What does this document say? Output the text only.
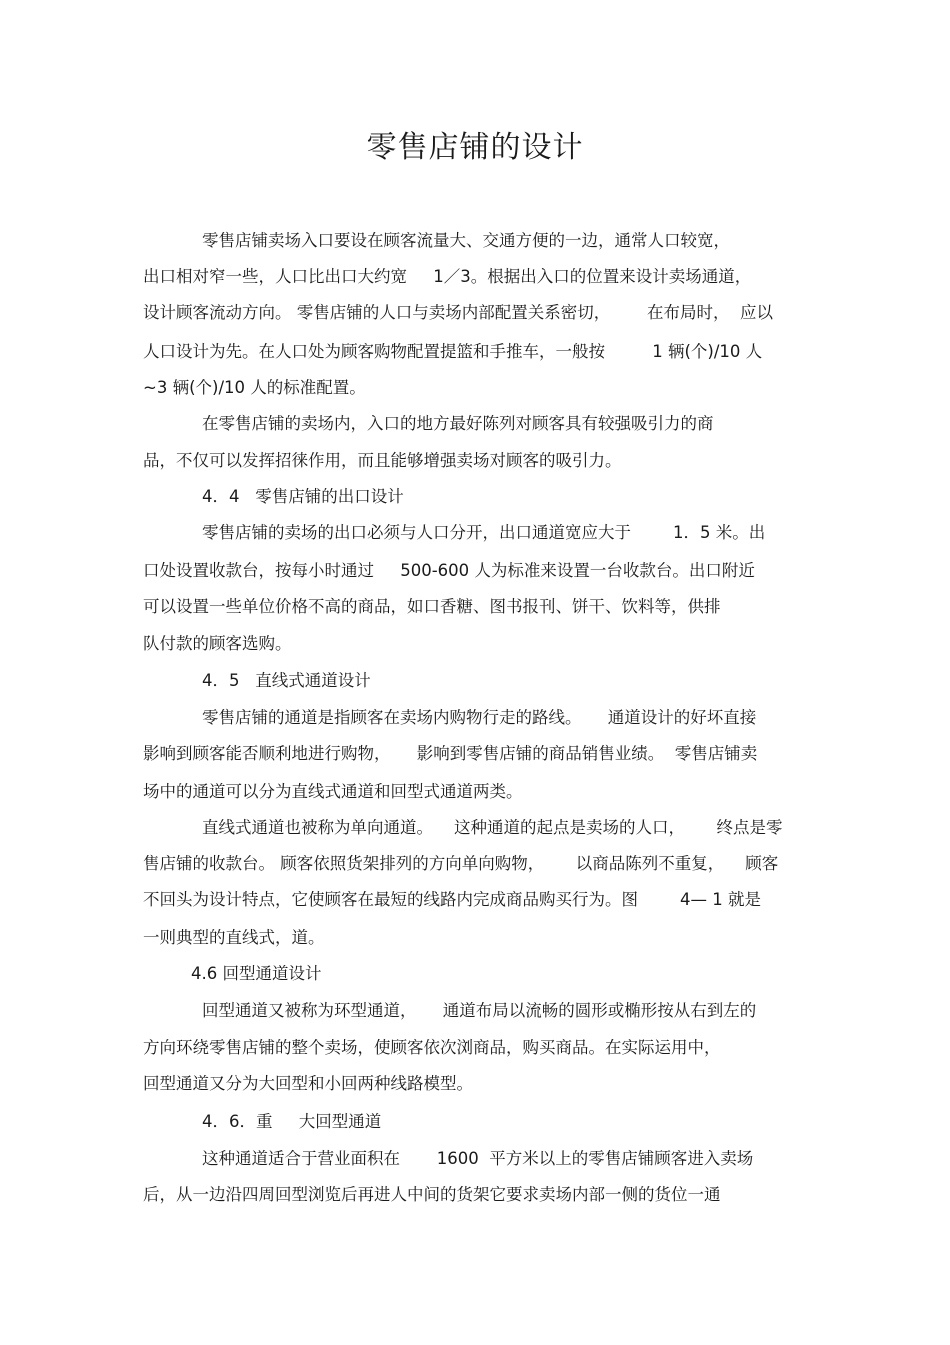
零售店铺的设计
零售店铺卖场入口要设在顾客流量大、交通方便的一边，通常人口较宽，
出口相对窄一些，人口比出口大约宽     1／3。根据出入口的位置来设计卖场通道，
设计顾客流动方向。 零售店铺的人口与卖场内部配置关系密切，       在布局时，  应以
人口设计为先。在人口处为顾客购物配置提篮和手推车，一般按         1 辆(个)/10 人
~3 辆(个)/10 人的标准配置。
在零售店铺的卖场内，入口的地方最好陈列对顾客具有较强吸引力的商
品，不仅可以发挥招徕作用，而且能够增强卖场对顾客的吸引力。
4．4   零售店铺的出口设计
零售店铺的卖场的出口必须与人口分开，出口通道宽应大于        1．5 米。出
口处设置收款台，按每小时通过     500-600 人为标准来设置一台收款台。出口附近
可以设置一些单位价格不高的商品，如口香糖、图书报刊、饼干、饮料等，供排
队付款的顾客选购。
4．5   直线式通道设计
零售店铺的通道是指顾客在卖场内购物行走的路线。     通道设计的好坏直接
影响到顾客能否顺利地进行购物，     影响到零售店铺的商品销售业绩。  零售店铺卖
场中的通道可以分为直线式通道和回型式通道两类。
直线式通道也被称为单向通道。    这种通道的起点是卖场的人口，      终点是零
售店铺的收款台。 顾客依照货架排列的方向单向购物，      以商品陈列不重复，    顾客
不回头为设计特点，它使顾客在最短的线路内完成商品购买行为。图        4— 1 就是
一则典型的直线式，道。
4.6 回型通道设计
回型通道又被称为环型通道，     通道布局以流畅的圆形或椭形按从右到左的
方向环绕零售店铺的整个卖场，使顾客依次浏商品，购买商品。在实际运用中，
回型通道又分为大回型和小回两种线路模型。
4．6．重     大回型通道
这种通道适合于营业面积在       1600  平方米以上的零售店铺顾客进入卖场
后，从一边沿四周回型浏览后再进人中间的货架它要求卖场内部一侧的货位一通
